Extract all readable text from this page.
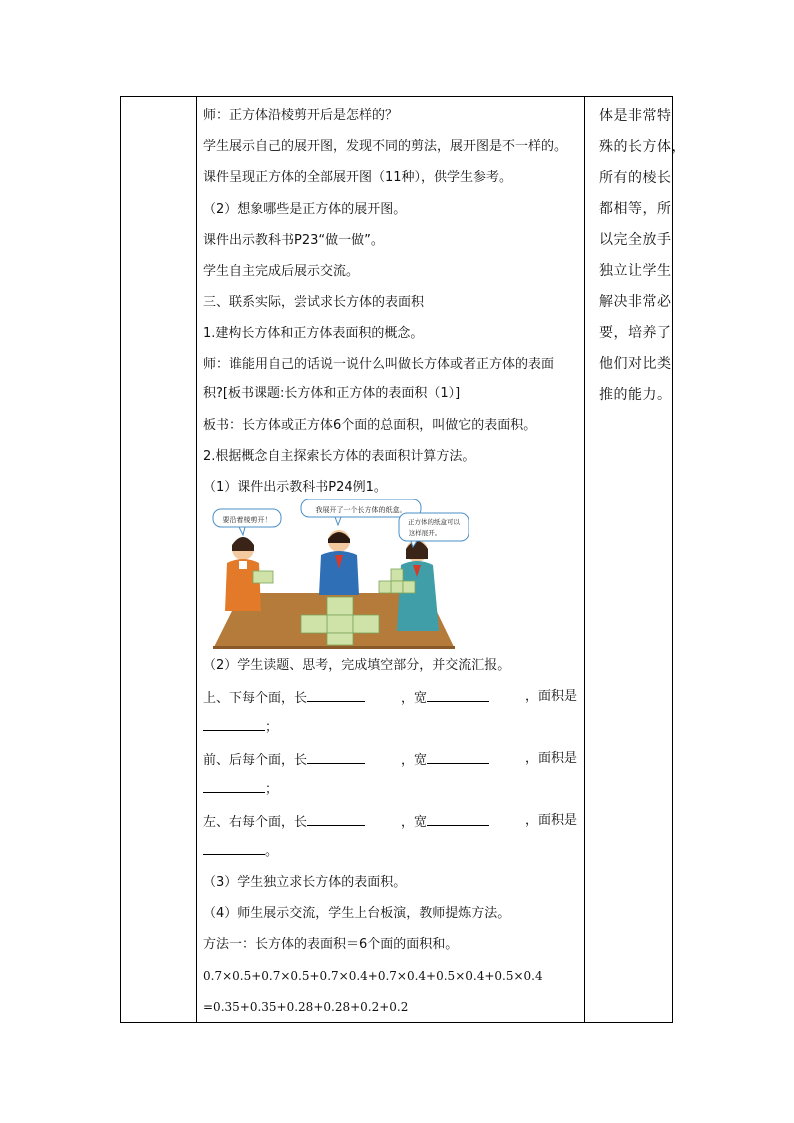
师：正方体沿棱剪开后是怎样的？
学生展示自己的展开图，发现不同的剪法，展开图是不一样的。
课件呈现正方体的全部展开图（11种），供学生参考。
（2）想象哪些是正方体的展开图。
课件出示教科书P23“做一做”。
学生自主完成后展示交流。
三、联系实际，尝试求长方体的表面积
1.建构长方体和正方体表面积的概念。
师：谁能用自己的话说一说什么叫做长方体或者正方体的表面
积?[板书课题:长方体和正方体的表面积（1）]
板书：长方体或正方体6个面的总面积，叫做它的表面积。
2.根据概念自主探索长方体的表面积计算方法。
（1）课件出示教科书P24例1。
（2）学生读题、思考，完成填空部分，并交流汇报。
上、下每个面，长	，宽	，面积是
；
前、后每个面，长	，宽	，面积是
；
左、右每个面，长	，宽	，面积是
。
（3）学生独立求长方体的表面积。
（4）师生展示交流，学生上台板演，教师提炼方法。
方法一：长方体的表面积＝6个面的面积和。
0.7×0.5+0.7×0.5+0.7×0.4+0.7×0.4+0.5×0.4+0.5×0.4
=0.35+0.35+0.28+0.28+0.2+0.2
体是非常特
殊的长方体，
所有的棱长
都相等，所
以完全放手
独立让学生
解决非常必
要，培养了
他们对比类
推的能力。
要沿着棱剪开！
我展开了一个长方体的纸盒。
正方体的纸盒可以
这样展开。
